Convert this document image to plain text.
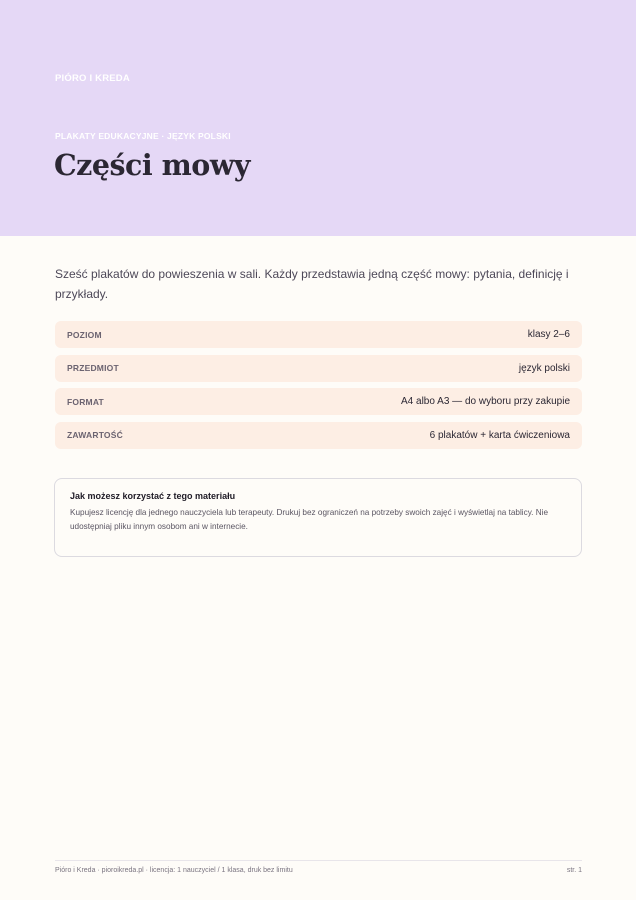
PIÓRO I KREDA
PLAKATY EDUKACYJNE · JĘZYK POLSKI
Części mowy

Sześć plakatów do powieszenia w sali. Każdy przedstawia jedną część mowy: pytania, definicję i przykłady.

POZIOM	klasy 2–6
PRZEDMIOT	język polski
FORMAT	A4 albo A3 — do wyboru przy zakupie
ZAWARTOŚĆ	6 plakatów + karta ćwiczeniowa

Jak możesz korzystać z tego materiału

Kupujesz licencję dla jednego nauczyciela lub terapeuty. Drukuj bez ograniczeń na potrzeby swoich zajęć i wyświetlaj na tablicy. Nie udostępniaj pliku innym osobom ani w internecie.

Pióro i Kreda · pioroikreda.pl · licencja: 1 nauczyciel / 1 klasa, druk bez limitu	str. 1
